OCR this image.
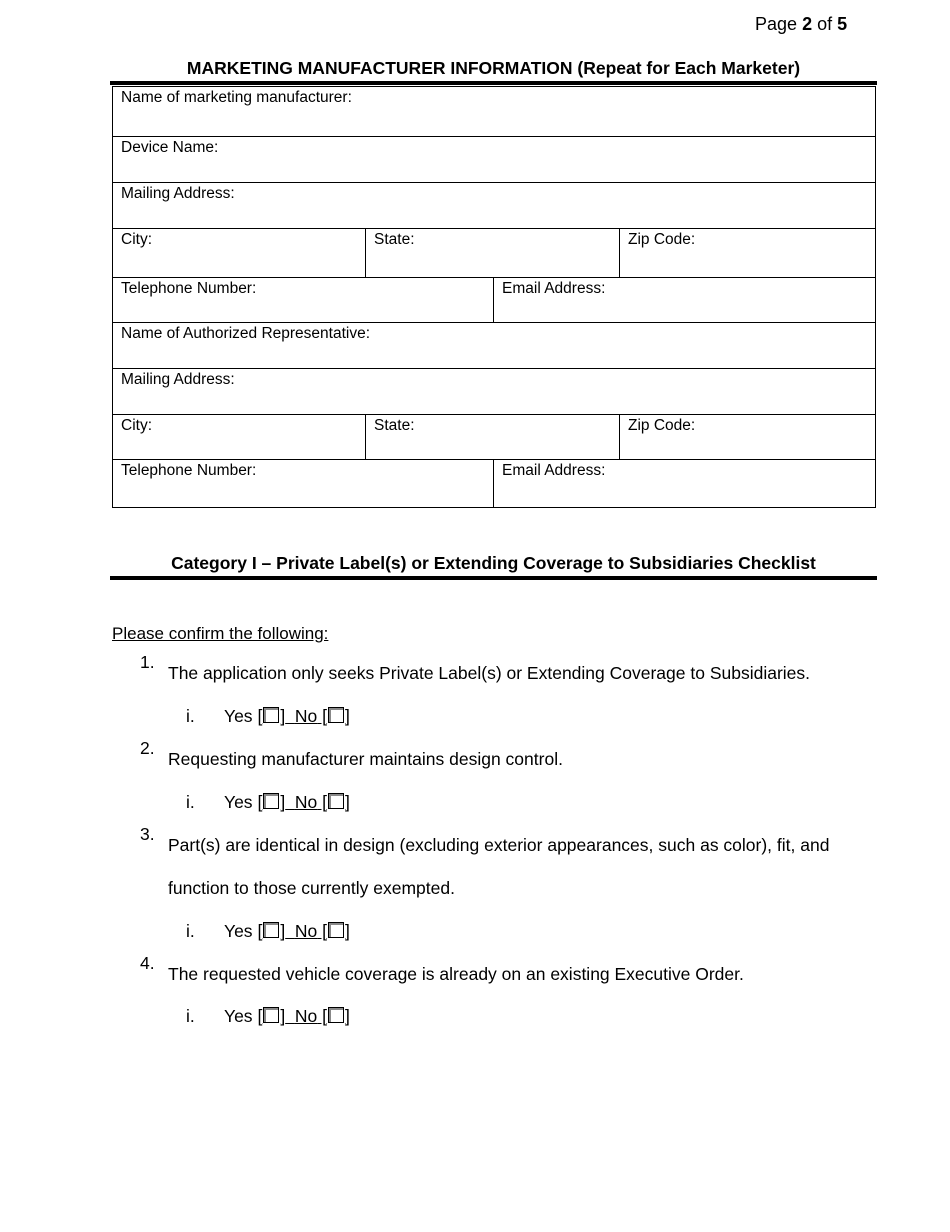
Page 2 of 5
MARKETING MANUFACTURER INFORMATION (Repeat for Each Marketer)
Name of marketing manufacturer:			
Device Name:			
Mailing Address:			
City:	State:		Zip Code:
Telephone Number:		Email Address:	
Name of Authorized Representative:			
Mailing Address:			
City:	State:		Zip Code:
Telephone Number:		Email Address:	
Category I – Private Label(s) or Extending Coverage to Subsidiaries Checklist
Please confirm the following:
1.
The application only seeks Private Label(s) or Extending Coverage to Subsidiaries.
i. Yes [ ] No [ ]
2.
Requesting manufacturer maintains design control.
i. Yes [ ] No [ ]
3.
Part(s) are identical in design (excluding exterior appearances, such as color), fit, and function to those currently exempted.
i. Yes [ ] No [ ]
4.
The requested vehicle coverage is already on an existing Executive Order.
i. Yes [ ] No [ ]
